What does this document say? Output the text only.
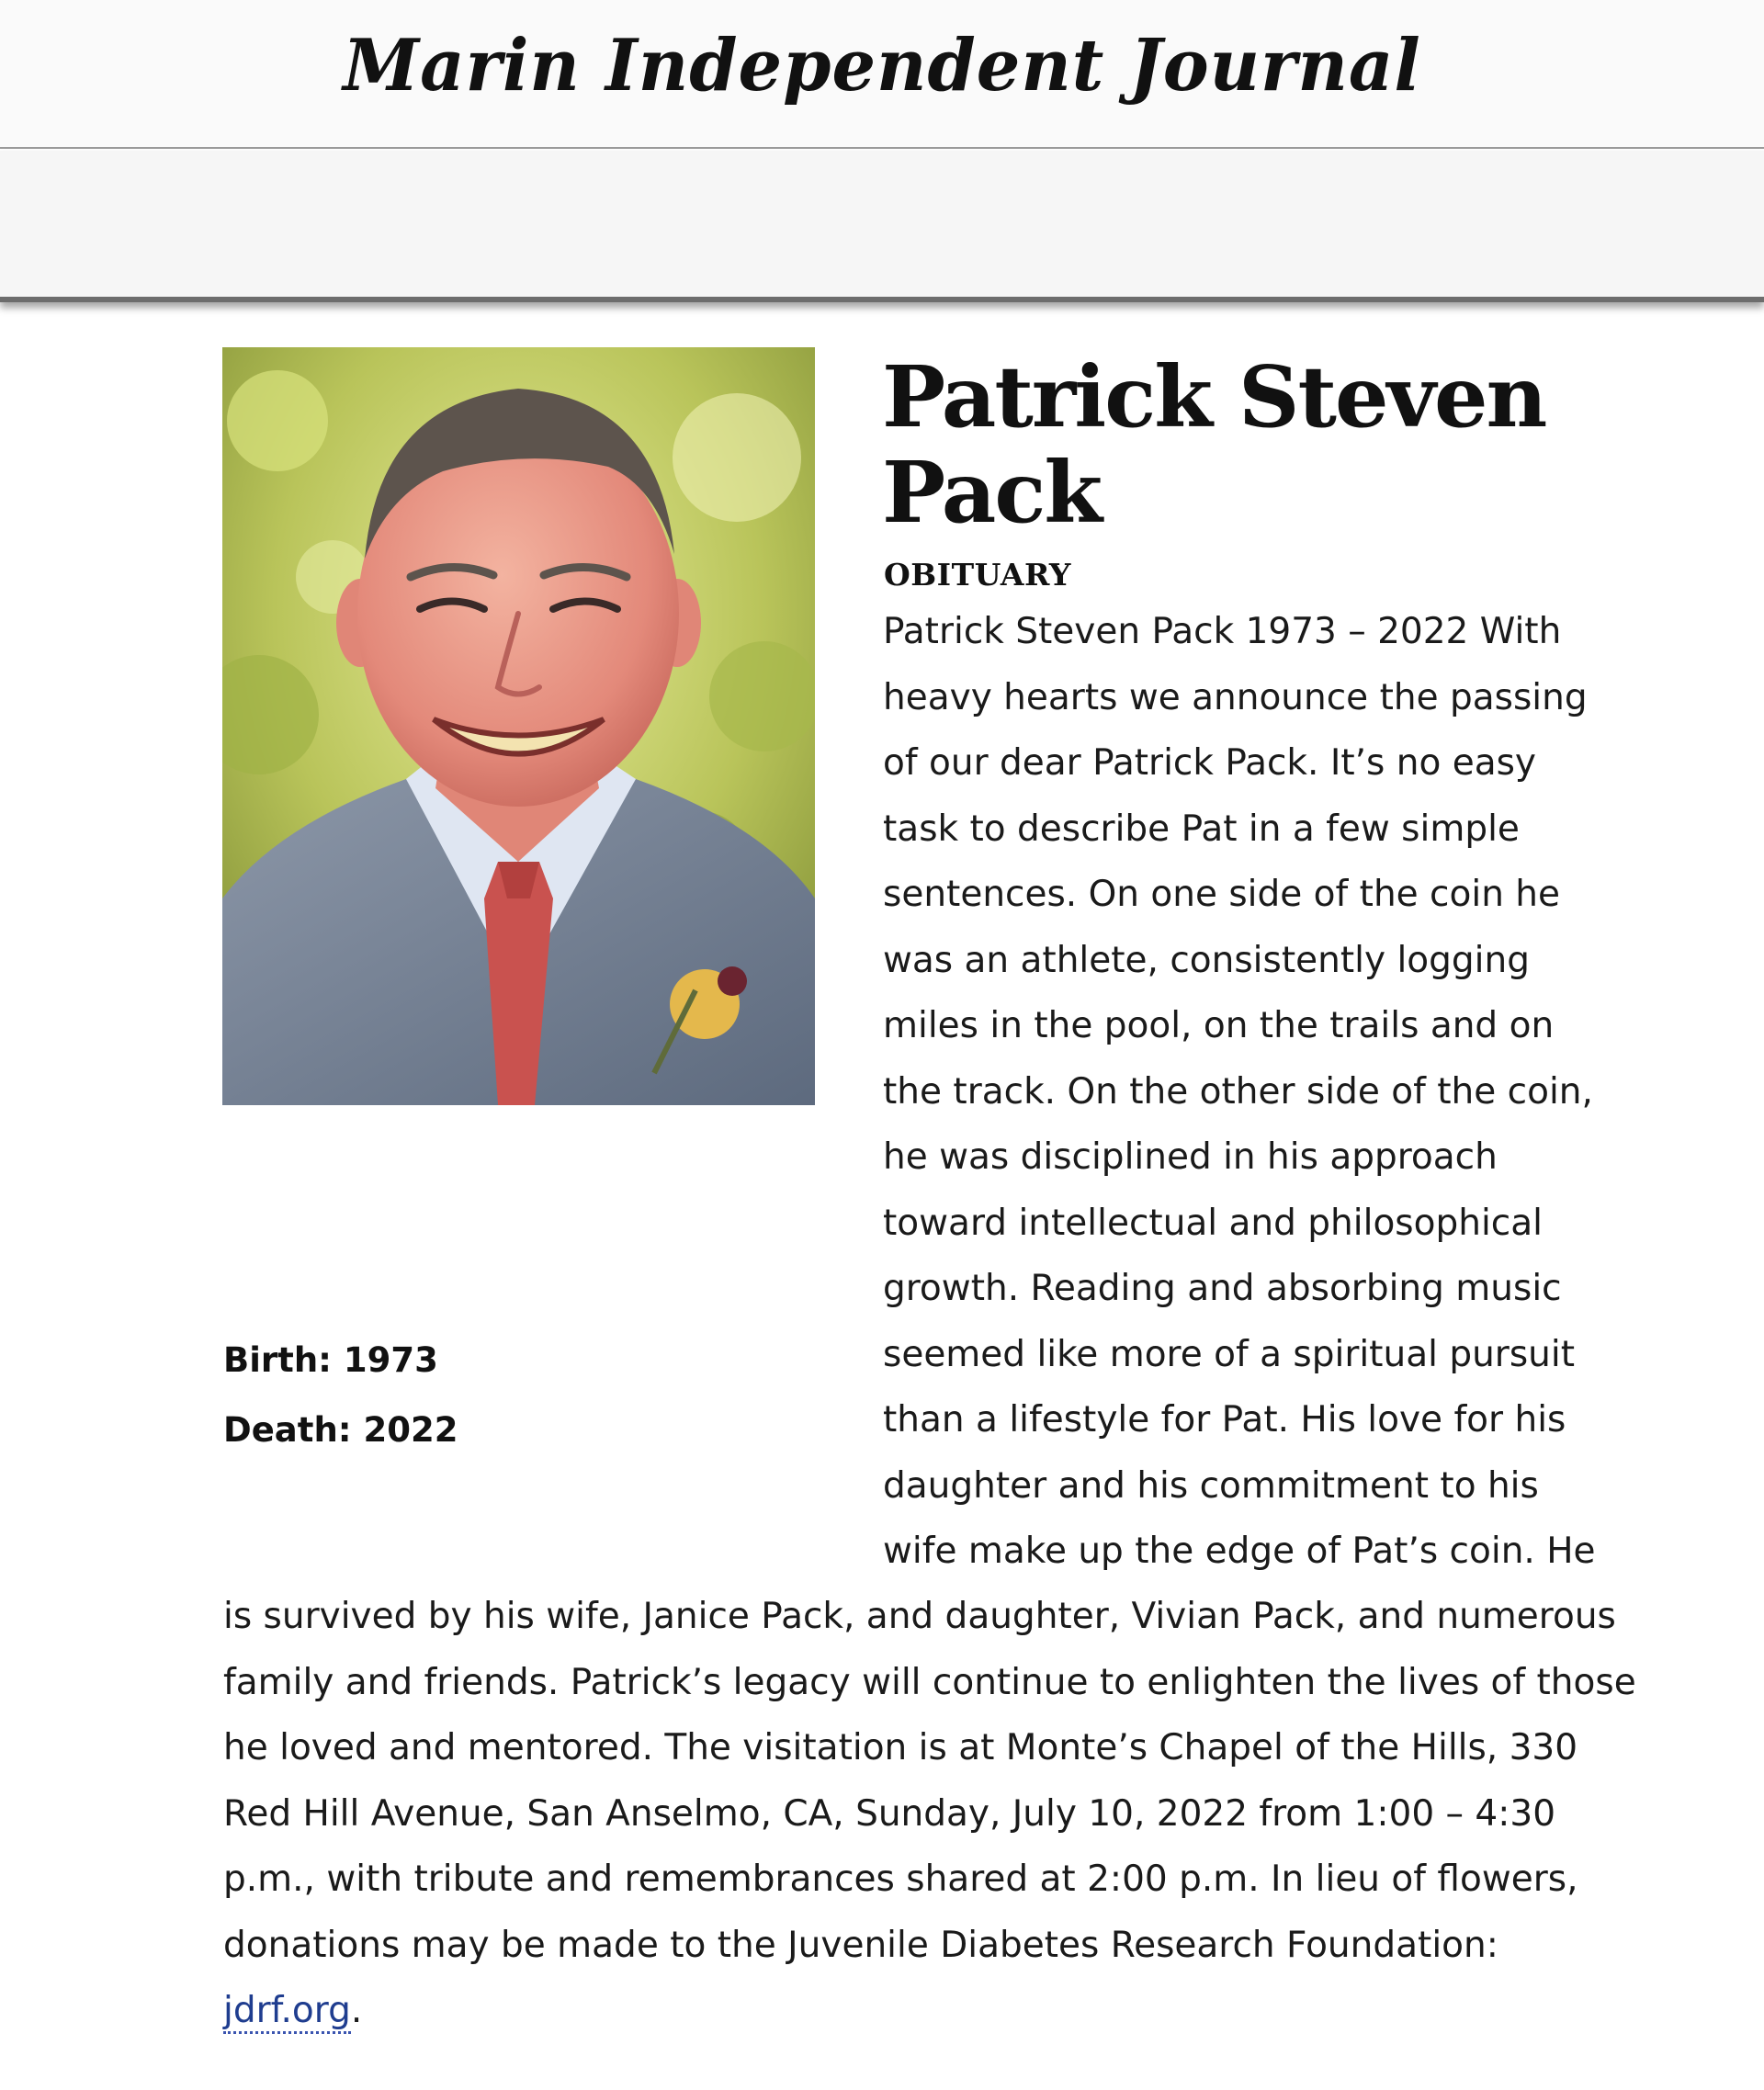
Marin Independent Journal
Patrick Steven
Pack
OBITUARY
Patrick Steven Pack 1973 – 2022 With
heavy hearts we announce the passing
of our dear Patrick Pack. It’s no easy
task to describe Pat in a few simple
sentences. On one side of the coin he
was an athlete, consistently logging
miles in the pool, on the trails and on
the track. On the other side of the coin,
he was disciplined in his approach
toward intellectual and philosophical
growth. Reading and absorbing music
seemed like more of a spiritual pursuit
than a lifestyle for Pat. His love for his
daughter and his commitment to his
wife make up the edge of Pat’s coin. He
Birth: 1973
Death: 2022
is survived by his wife, Janice Pack, and daughter, Vivian Pack, and numerous
family and friends. Patrick’s legacy will continue to enlighten the lives of those
he loved and mentored. The visitation is at Monte’s Chapel of the Hills, 330
Red Hill Avenue, San Anselmo, CA, Sunday, July 10, 2022 from 1:00 – 4:30
p.m., with tribute and remembrances shared at 2:00 p.m. In lieu of flowers,
donations may be made to the Juvenile Diabetes Research Foundation:
jdrf.org.
